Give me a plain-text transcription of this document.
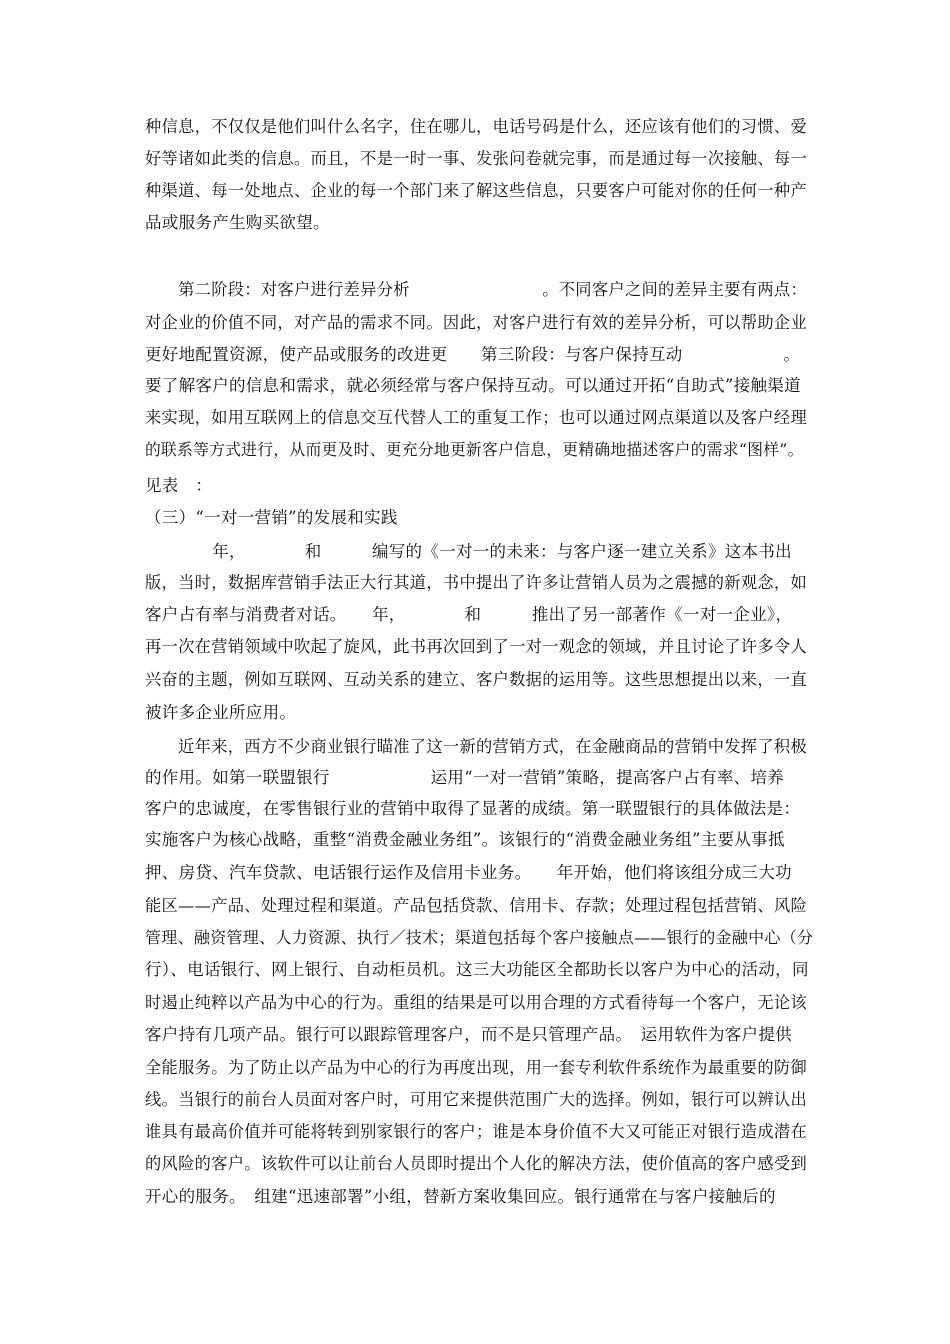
种信息，不仅仅是他们叫什么名字，住在哪儿，电话号码是什么，还应该有他们的习惯、爱
好等诸如此类的信息。而且，不是一时一事、发张问卷就完事，而是通过每一次接触、每一
种渠道、每一处地点、企业的每一个部门来了解这些信息，只要客户可能对你的任何一种产
品或服务产生购买欲望。
　　第二阶段：对客户进行差异分析　　　　　　　　。不同客户之间的差异主要有两点：
对企业的价值不同，对产品的需求不同。因此，对客户进行有效的差异分析，可以帮助企业
更好地配置资源，使产品或服务的改进更　　第三阶段：与客户保持互动　　　　　　。
要了解客户的信息和需求，就必须经常与客户保持互动。可以通过开拓“自助式”接触渠道
来实现，如用互联网上的信息交互代替人工的重复工作；也可以通过网点渠道以及客户经理
的联系等方式进行，从而更及时、更充分地更新客户信息，更精确地描述客户的需求“图样”。
见表　：
（三）“一对一营销”的发展和实践
　　　　年，　　　　和　　　编写的《一对一的未来：与客户逐一建立关系》这本书出
版，当时，数据库营销手法正大行其道，书中提出了许多让营销人员为之震撼的新观念，如
客户占有率与消费者对话。　　年，　　　　和　　　推出了另一部著作《一对一企业》，
再一次在营销领域中吹起了旋风，此书再次回到了一对一观念的领域，并且讨论了许多令人
兴奋的主题，例如互联网、互动关系的建立、客户数据的运用等。这些思想提出以来，一直
被许多企业所应用。
　　近年来，西方不少商业银行瞄准了这一新的营销方式，在金融商品的营销中发挥了积极
的作用。如第一联盟银行　　　　　　运用“一对一营销”策略，提高客户占有率、培养
客户的忠诚度，在零售银行业的营销中取得了显著的成绩。第一联盟银行的具体做法是：
实施客户为核心战略，重整“消费金融业务组”。该银行的“消费金融业务组”主要从事抵
押、房贷、汽车贷款、电话银行运作及信用卡业务。　　年开始，他们将该组分成三大功
能区——产品、处理过程和渠道。产品包括贷款、信用卡、存款；处理过程包括营销、风险
管理、融资管理、人力资源、执行／技术；渠道包括每个客户接触点——银行的金融中心（分
行）、电话银行、网上银行、自动柜员机。这三大功能区全都助长以客户为中心的活动，同
时遏止纯粹以产品为中心的行为。重组的结果是可以用合理的方式看待每一个客户，无论该
客户持有几项产品。银行可以跟踪管理客户，而不是只管理产品。　运用软件为客户提供
全能服务。为了防止以产品为中心的行为再度出现，用一套专利软件系统作为最重要的防御
线。当银行的前台人员面对客户时，可用它来提供范围广大的选择。例如，银行可以辨认出
谁具有最高价值并可能将转到别家银行的客户；谁是本身价值不大又可能正对银行造成潜在
的风险的客户。该软件可以让前台人员即时提出个人化的解决方法，使价值高的客户感受到
开心的服务。　组建“迅速部署”小组，替新方案收集回应。银行通常在与客户接触后的
